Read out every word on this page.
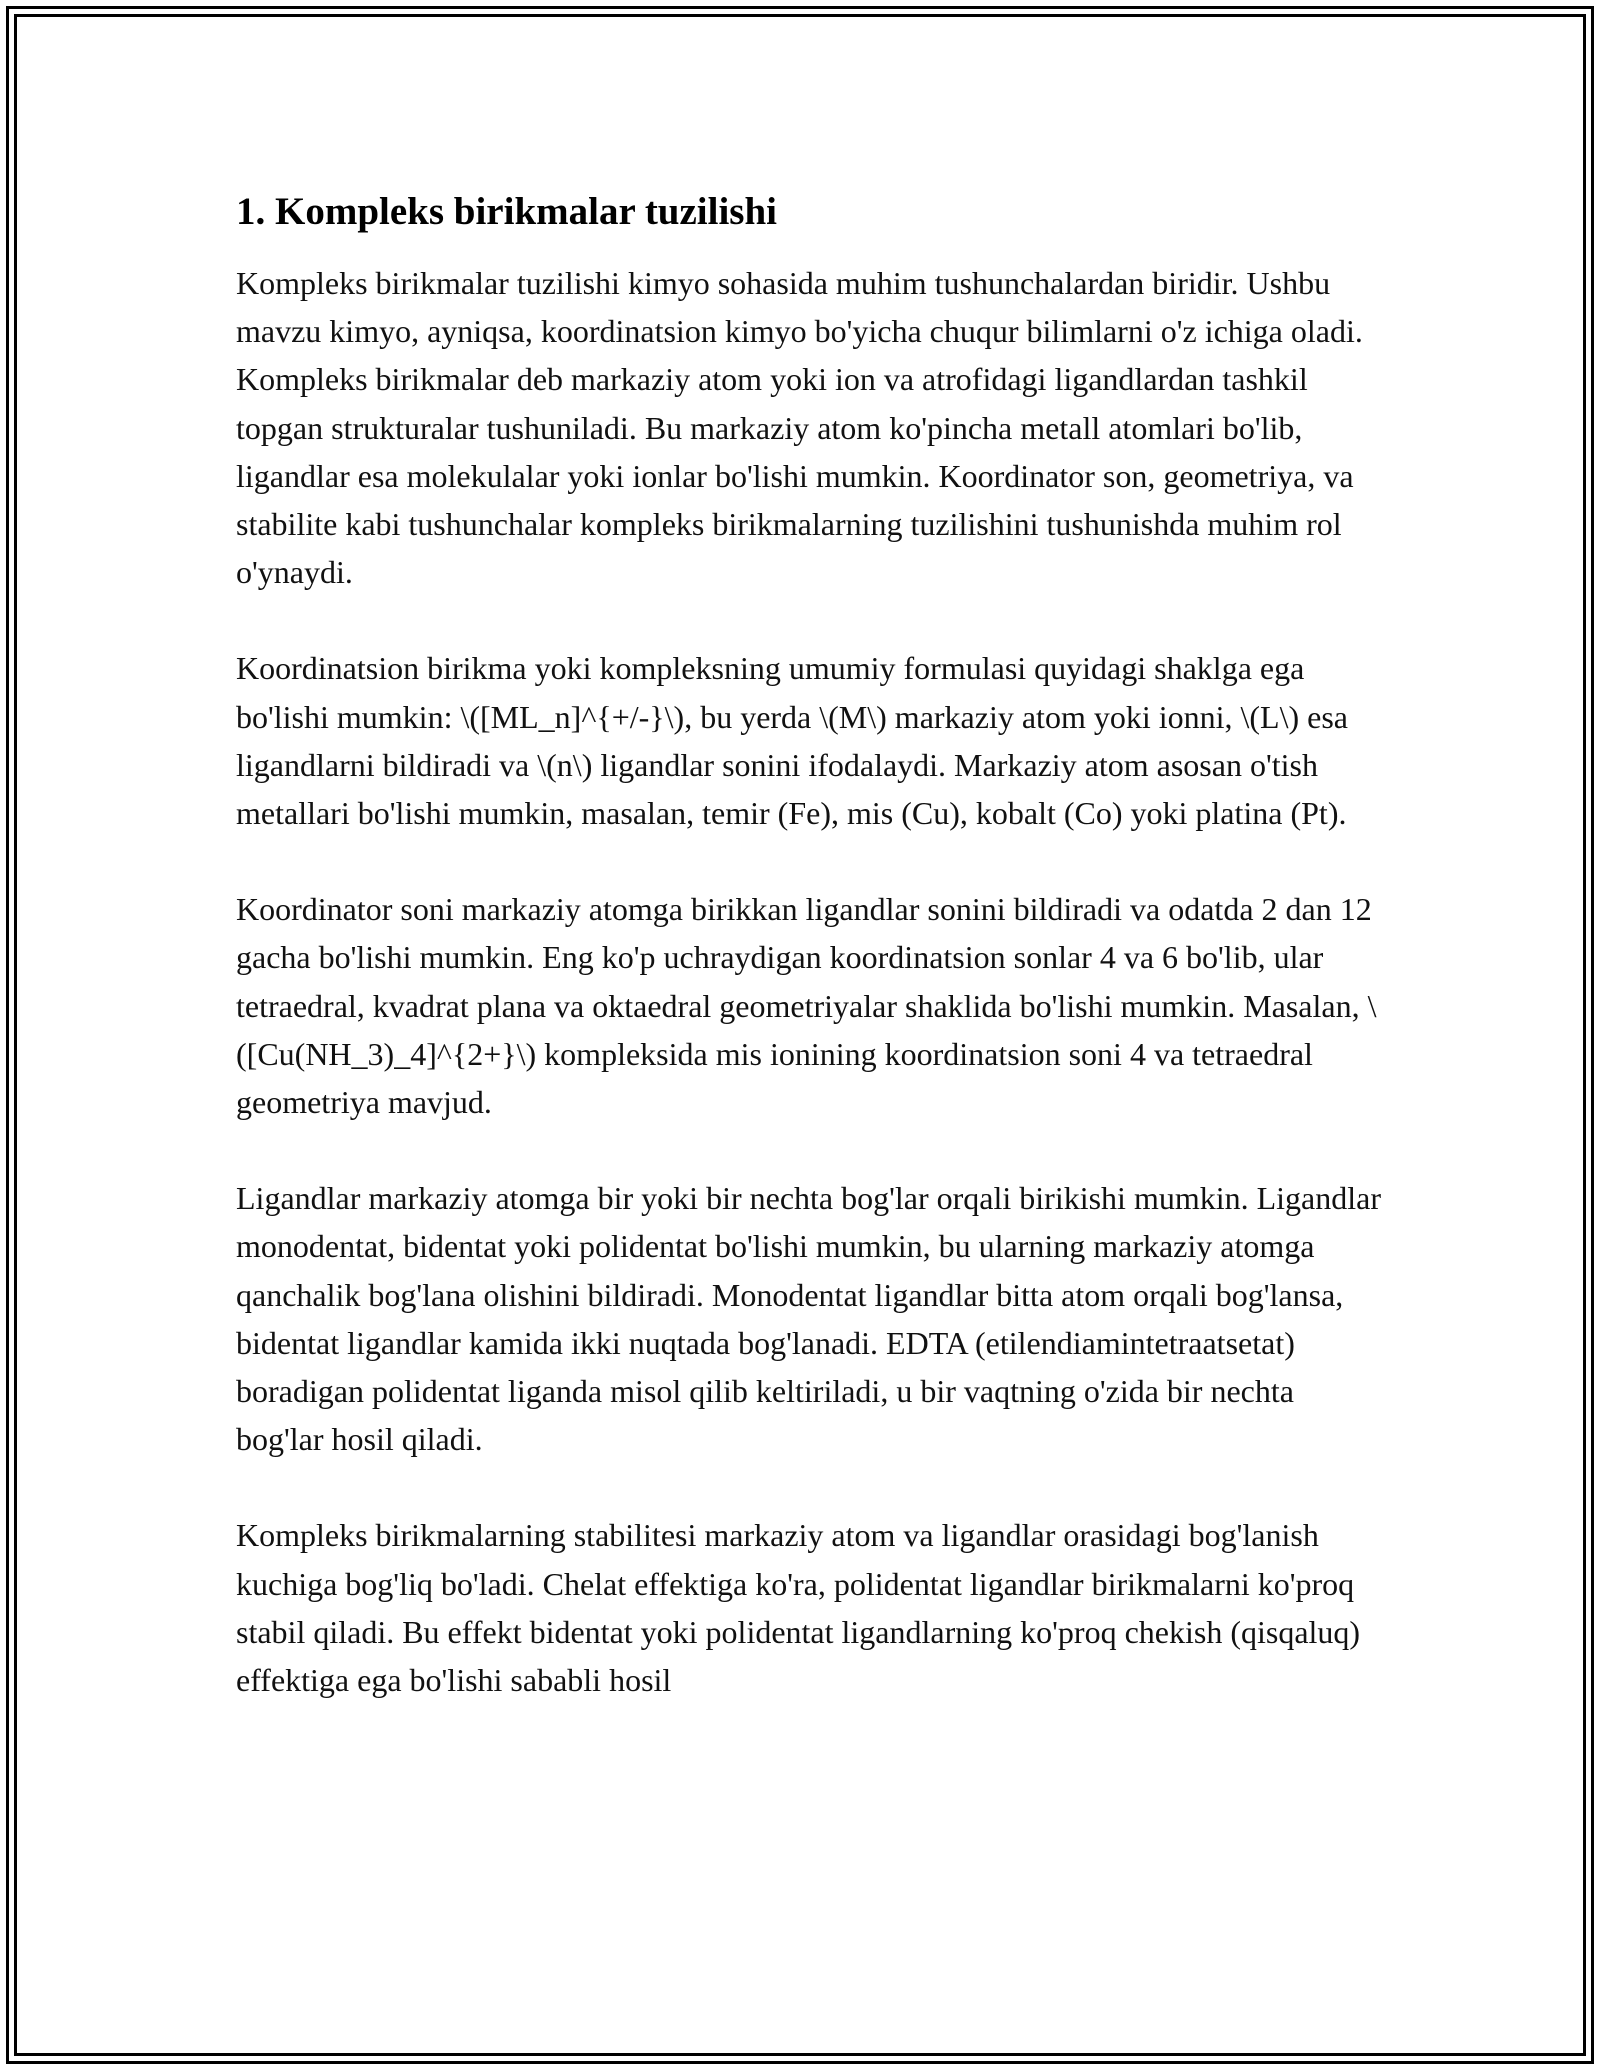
1. Kompleks birikmalar tuzilishi

Kompleks birikmalar tuzilishi kimyo sohasida muhim tushunchalardan biridir. Ushbu mavzu kimyo, ayniqsa, koordinatsion kimyo bo'yicha chuqur bilimlarni o'z ichiga oladi. Kompleks birikmalar deb markaziy atom yoki ion va atrofidagi ligandlardan tashkil topgan strukturalar tushuniladi. Bu markaziy atom ko'pincha metall atomlari bo'lib, ligandlar esa molekulalar yoki ionlar bo'lishi mumkin. Koordinator son, geometriya, va stabilite kabi tushunchalar kompleks birikmalarning tuzilishini tushunishda muhim rol o'ynaydi.

Koordinatsion birikma yoki kompleksning umumiy formulasi quyidagi shaklga ega bo'lishi mumkin: \([ML_n]^{+/-}\), bu yerda \(M\) markaziy atom yoki ionni, \(L\) esa ligandlarni bildiradi va \(n\) ligandlar sonini ifodalaydi. Markaziy atom asosan o'tish metallari bo'lishi mumkin, masalan, temir (Fe), mis (Cu), kobalt (Co) yoki platina (Pt).

Koordinator soni markaziy atomga birikkan ligandlar sonini bildiradi va odatda 2 dan 12 gacha bo'lishi mumkin. Eng ko'p uchraydigan koordinatsion sonlar 4 va 6 bo'lib, ular tetraedral, kvadrat plana va oktaedral geometriyalar shaklida bo'lishi mumkin. Masalan, \([Cu(NH_3)_4]^{2+}\) kompleksida mis ionining koordinatsion soni 4 va tetraedral geometriya mavjud.

Ligandlar markaziy atomga bir yoki bir nechta bog'lar orqali birikishi mumkin. Ligandlar monodentat, bidentat yoki polidentat bo'lishi mumkin, bu ularning markaziy atomga qanchalik bog'lana olishini bildiradi. Monodentat ligandlar bitta atom orqali bog'lansa, bidentat ligandlar kamida ikki nuqtada bog'lanadi. EDTA (etilendiamintetraatsetat) boradigan polidentat liganda misol qilib keltiriladi, u bir vaqtning o'zida bir nechta bog'lar hosil qiladi.

Kompleks birikmalarning stabilitesi markaziy atom va ligandlar orasidagi bog'lanish kuchiga bog'liq bo'ladi. Chelat effektiga ko'ra, polidentat ligandlar birikmalarni ko'proq stabil qiladi. Bu effekt bidentat yoki polidentat ligandlarning ko'proq chekish (qisqaluq) effektiga ega bo'lishi sababli hosil
